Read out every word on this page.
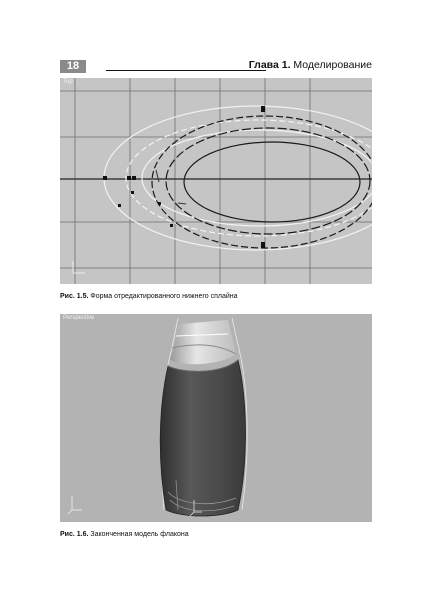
18	Глава 1. Моделирование
Top
Рис. 1.5. Форма отредактированного нижнего сплайна
Perspective
Рис. 1.6. Законченная модель флакона
